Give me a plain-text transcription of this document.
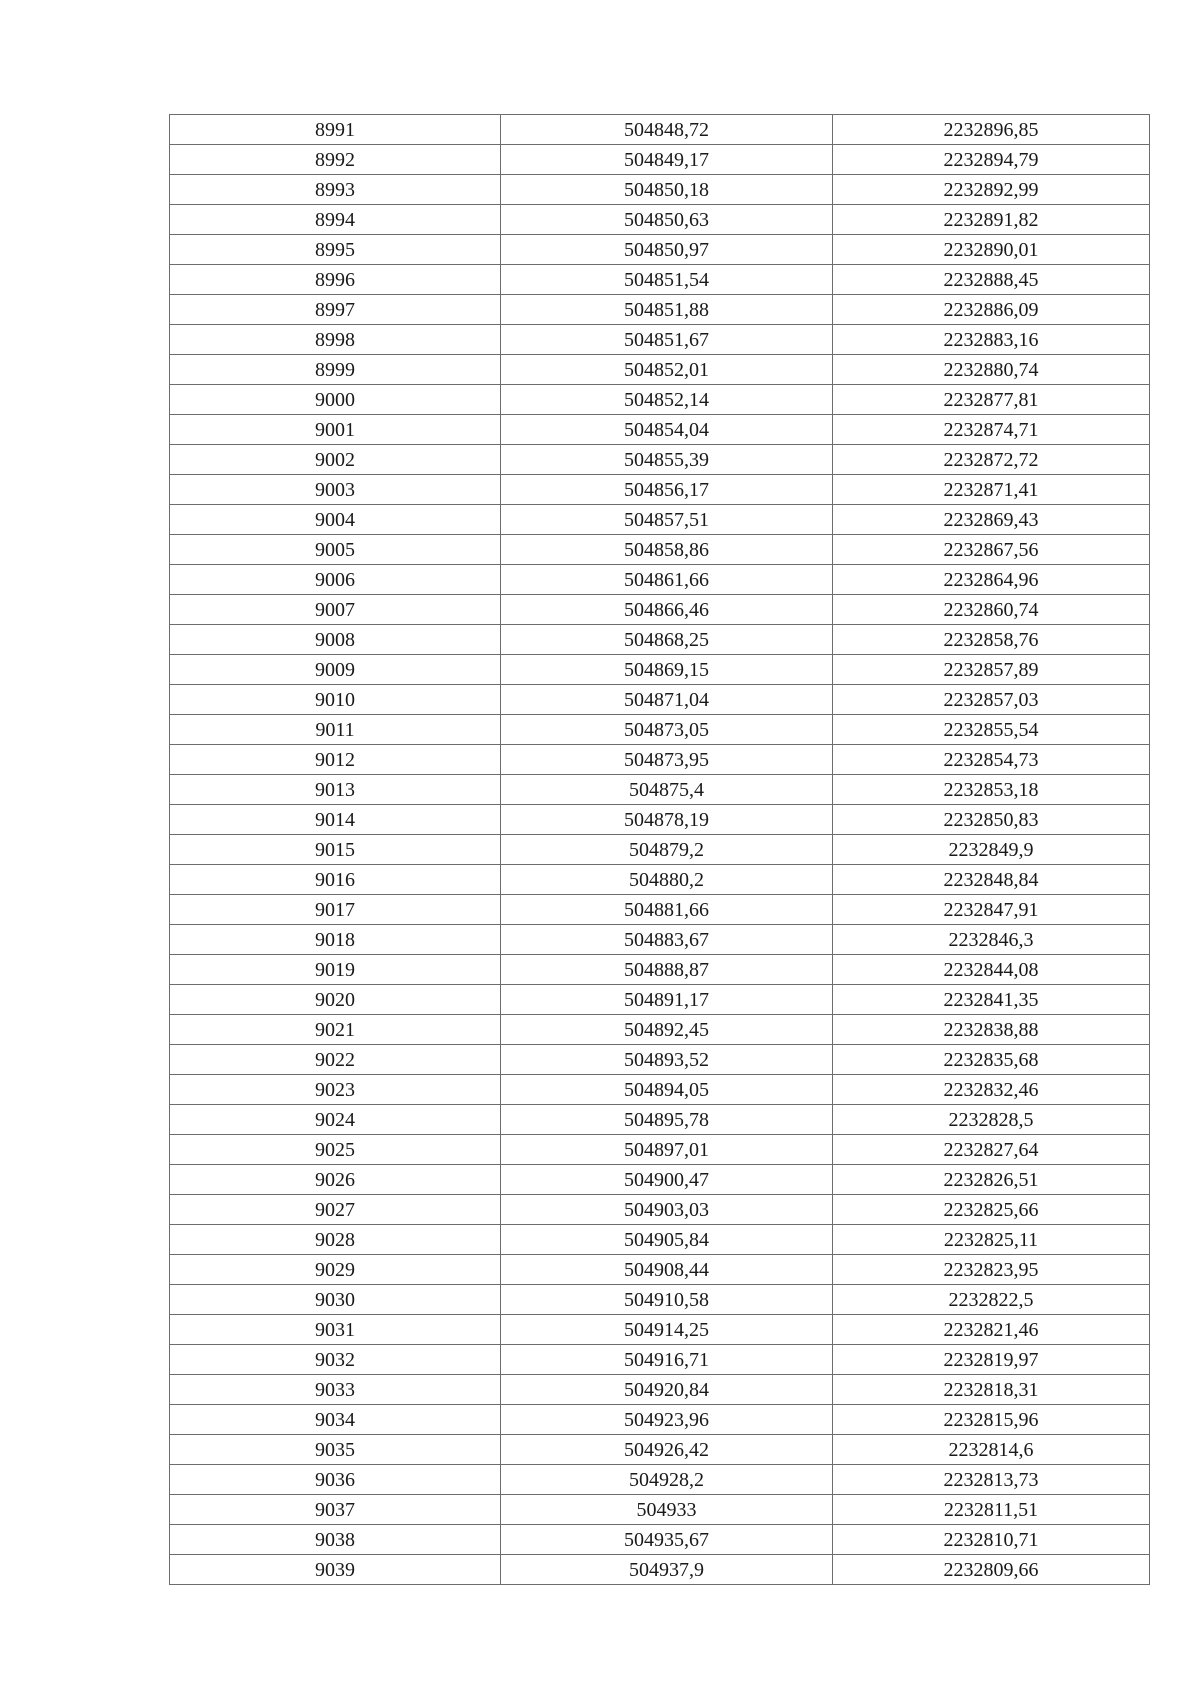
8991	504848,72	2232896,85
8992	504849,17	2232894,79
8993	504850,18	2232892,99
8994	504850,63	2232891,82
8995	504850,97	2232890,01
8996	504851,54	2232888,45
8997	504851,88	2232886,09
8998	504851,67	2232883,16
8999	504852,01	2232880,74
9000	504852,14	2232877,81
9001	504854,04	2232874,71
9002	504855,39	2232872,72
9003	504856,17	2232871,41
9004	504857,51	2232869,43
9005	504858,86	2232867,56
9006	504861,66	2232864,96
9007	504866,46	2232860,74
9008	504868,25	2232858,76
9009	504869,15	2232857,89
9010	504871,04	2232857,03
9011	504873,05	2232855,54
9012	504873,95	2232854,73
9013	504875,4	2232853,18
9014	504878,19	2232850,83
9015	504879,2	2232849,9
9016	504880,2	2232848,84
9017	504881,66	2232847,91
9018	504883,67	2232846,3
9019	504888,87	2232844,08
9020	504891,17	2232841,35
9021	504892,45	2232838,88
9022	504893,52	2232835,68
9023	504894,05	2232832,46
9024	504895,78	2232828,5
9025	504897,01	2232827,64
9026	504900,47	2232826,51
9027	504903,03	2232825,66
9028	504905,84	2232825,11
9029	504908,44	2232823,95
9030	504910,58	2232822,5
9031	504914,25	2232821,46
9032	504916,71	2232819,97
9033	504920,84	2232818,31
9034	504923,96	2232815,96
9035	504926,42	2232814,6
9036	504928,2	2232813,73
9037	504933	2232811,51
9038	504935,67	2232810,71
9039	504937,9	2232809,66
